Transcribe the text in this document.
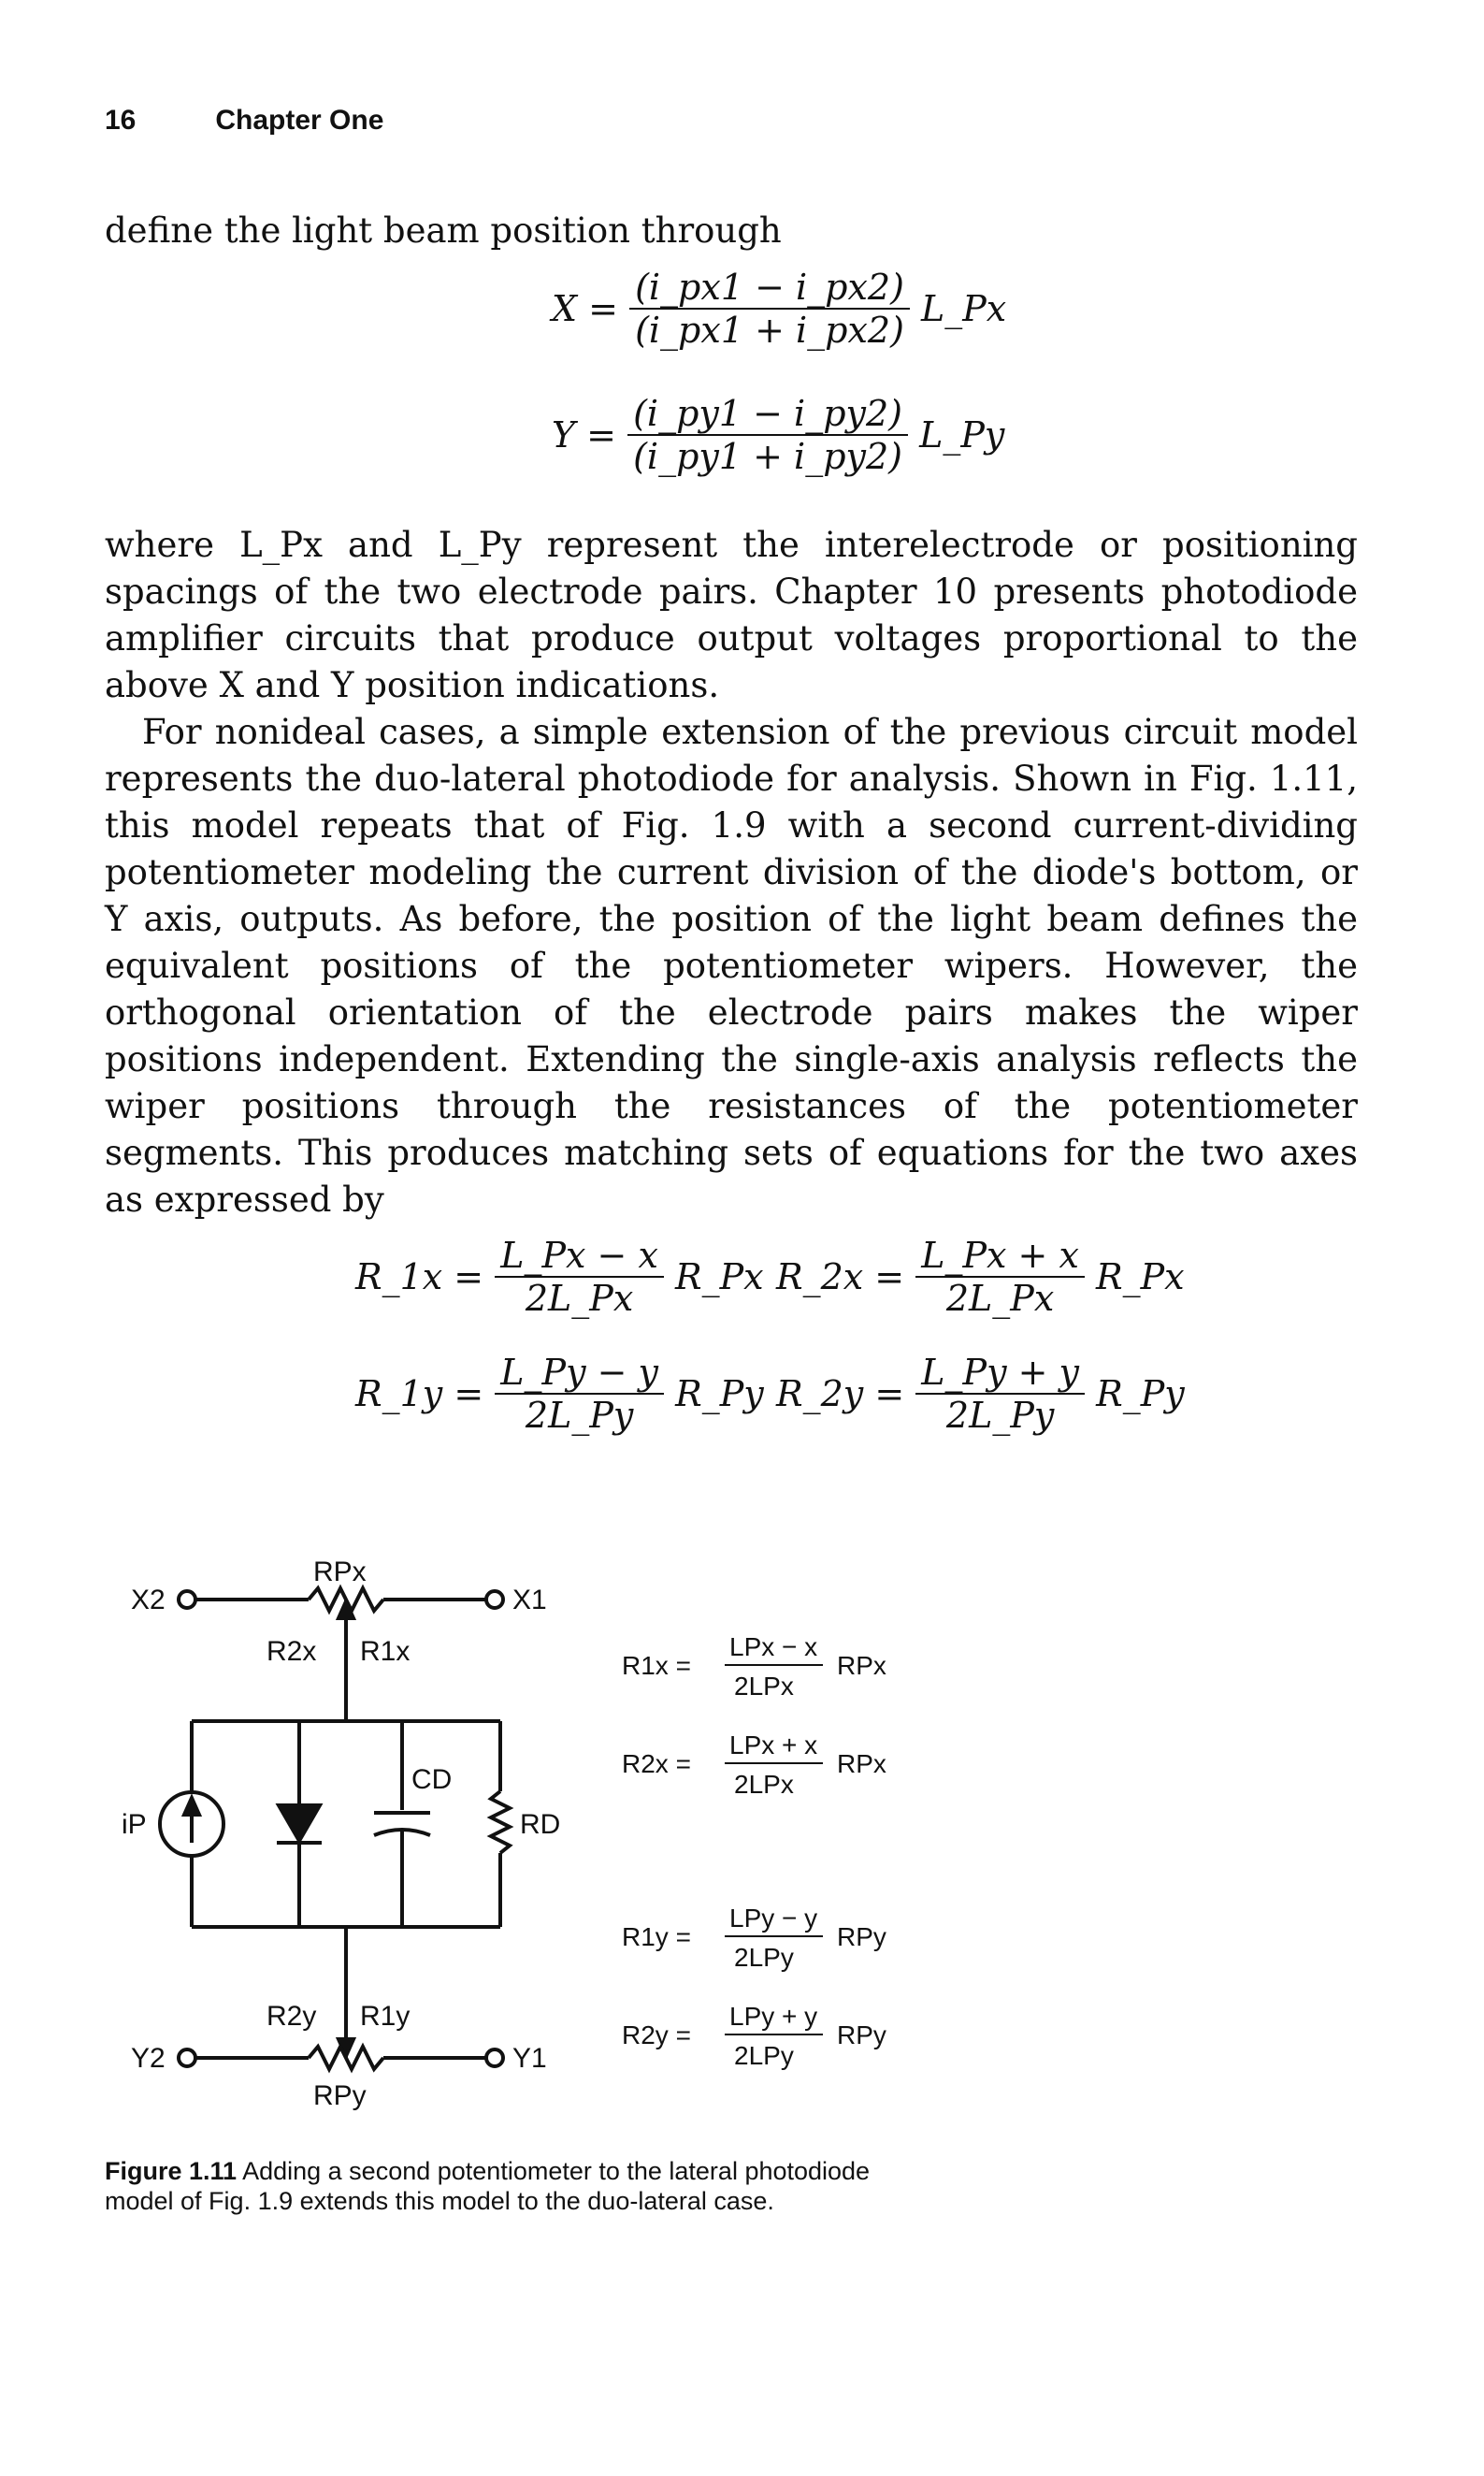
16	Chapter One
define the light beam position through
$X = \frac{(i\_px1 - i\_px2)}{(i\_px1 + i\_px2)}$ L_Px
$Y = \frac{(i\_py1 - i\_py2)}{(i\_py1 + i\_py2)}$ L_Py
where L_Px and L_Py represent the interelectrode or positioning spacings of the two electrode pairs. Chapter 10 presents photodiode amplifier circuits that produce output voltages proportional to the above X and Y position indications.
For nonideal cases, a simple extension of the previous circuit model represents the duo-lateral photodiode for analysis. Shown in Fig. 1.11, this model repeats that of Fig. 1.9 with a second current-dividing potentiometer modeling the current division of the diode's bottom, or Y axis, outputs. As before, the position of the light beam defines the equivalent positions of the potentiometer wipers. However, the orthogonal orientation of the electrode pairs makes the wiper positions independent. Extending the single-axis analysis reflects the wiper positions through the resistances of the potentiometer segments. This produces matching sets of equations for the two axes as expressed by
R_1x = $\frac{L\_Px - x}{2L\_Px}$ R_Px R_2x = $\frac{L\_Px + x}{2L\_Px}$ R_Px
R_1y = $\frac{L\_Py - y}{2L\_Py}$ R_Py R_2y = $\frac{L\_Py + y}{2L\_Py}$ R_Py
RPx
X2	X1
R2x R1x
CD
RD
iP
R2y R1y
Y2	Y1
RPy
R1x =
LPx − x
2LPx
RPx
R2x =
LPx + x
2LPx
RPx
R1y =
LPy − y
2LPy
RPy
R2y =
LPy + y
2LPy
RPy
Figure 1.11 Adding a second potentiometer to the lateral photodiode model of Fig. 1.9 extends this model to the duo-lateral case.
